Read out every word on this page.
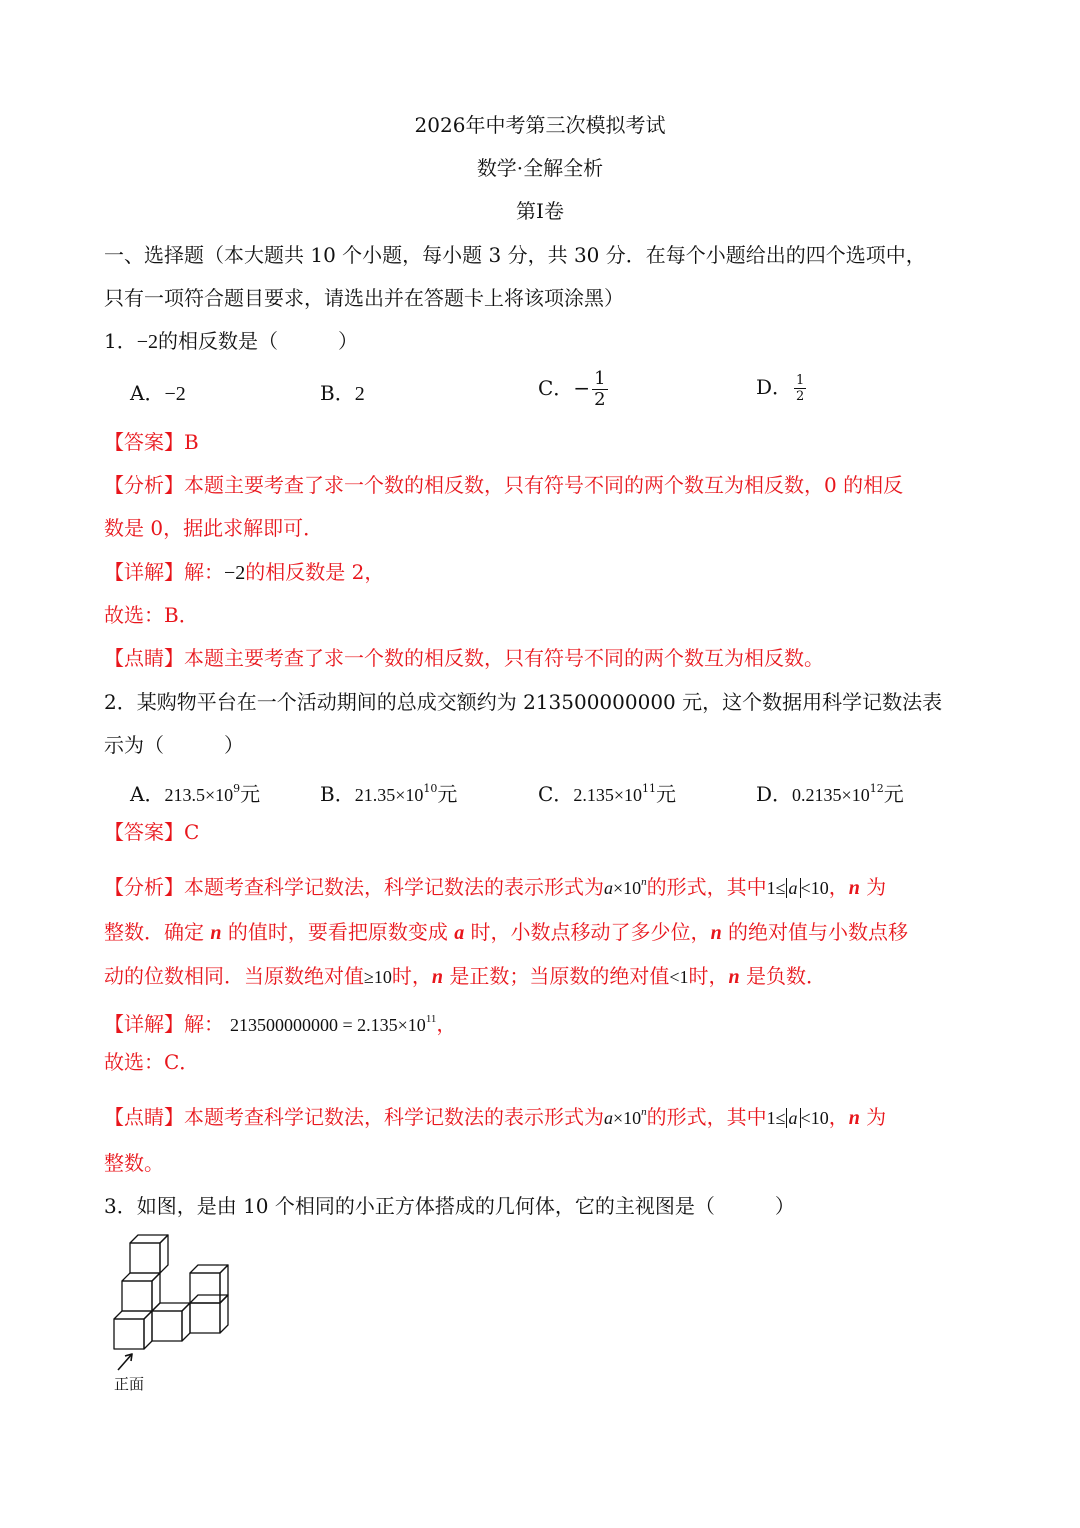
2026年中考第三次模拟考试
数学·全解全析
第Ⅰ卷
一、选择题（本大题共 10 个小题，每小题 3 分，共 30 分．在每个小题给出的四个选项中，
只有一项符合题目要求，请选出并在答题卡上将该项涂黑）
1．−2的相反数是（　　　）
A．−2	B．2	C．− $\frac{1}{2}$	D． $\frac{1}{2}$
【答案】B
【分析】本题主要考查了求一个数的相反数，只有符号不同的两个数互为相反数，0 的相反
数是 0，据此求解即可．
【详解】解：−2的相反数是 2，
故选：B．
【点睛】本题主要考查了求一个数的相反数，只有符号不同的两个数互为相反数。
2．某购物平台在一个活动期间的总成交额约为 213500000000 元，这个数据用科学记数法表
示为（　　　）
A．$213.5\times 10^9$元	B．$21.35\times 10^{10}$元	C．$2.135\times 10^{11}$元	D．$0.2135\times 10^{12}$元
【答案】C
【分析】本题考查科学记数法，科学记数法的表示形式为$a\times 10^n$的形式，其中1≤ a <10，n 为
整数．确定 n 的值时，要看把原数变成 a 时，小数点移动了多少位，n 的绝对值与小数点移
动的位数相同．当原数绝对值≥10时，n 是正数；当原数的绝对值<1时，n 是负数．
【详解】解： $213500000000 = 2.135\times 10^{11}$，
故选：C．
【点睛】本题考查科学记数法，科学记数法的表示形式为$a\times 10^n$的形式，其中1≤ a <10，n 为
整数。
3．如图，是由 10 个相同的小正方体搭成的几何体，它的主视图是（　　　）
正面
